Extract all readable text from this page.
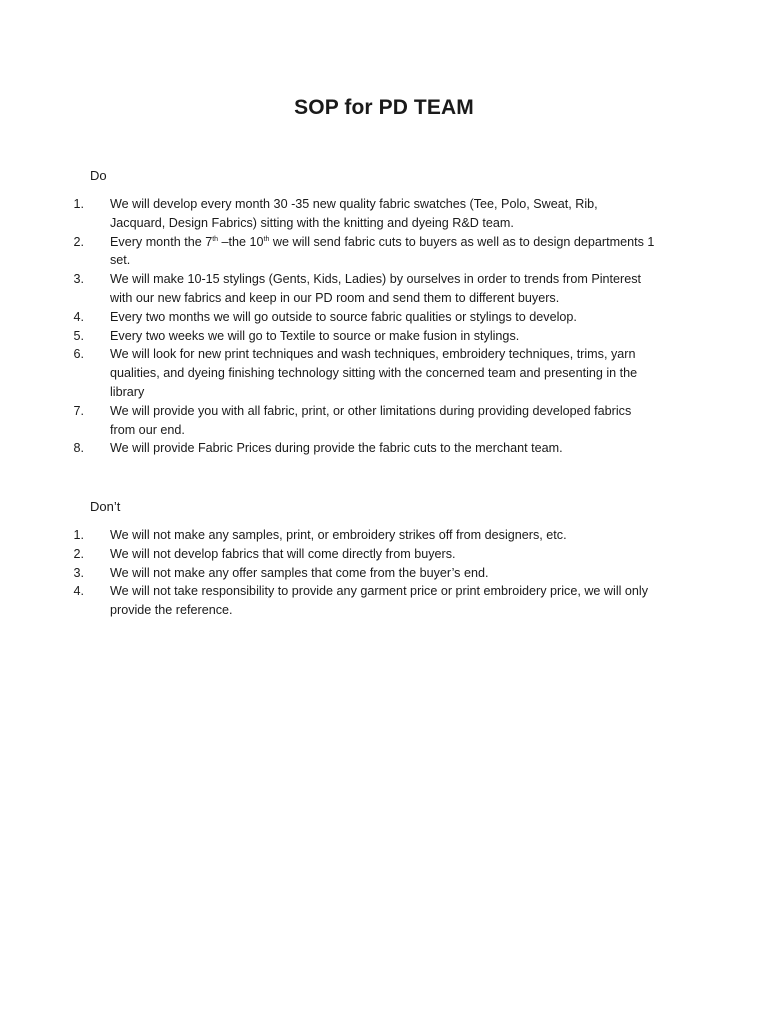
SOP for PD TEAM
Do
1.	We will develop every month 30 -35 new quality fabric swatches (Tee, Polo, Sweat, Rib, Jacquard, Design Fabrics) sitting with the knitting and dyeing R&D team.
2.	Every month the 7th –the 10th we will send fabric cuts to buyers as well as to design departments 1 set.
3.	We will make 10-15 stylings (Gents, Kids, Ladies) by ourselves in order to trends from Pinterest with our new fabrics and keep in our PD room and send them to different buyers.
4.	Every two months we will go outside to source fabric qualities or stylings to develop.
5.	Every two weeks we will go to Textile to source or make fusion in stylings.
6.	We will look for new print techniques and wash techniques, embroidery techniques, trims, yarn qualities, and dyeing finishing technology sitting with the concerned team and presenting in the library
7.	We will provide you with all fabric, print, or other limitations during providing developed fabrics from our end.
8.	We will provide Fabric Prices during provide the fabric cuts to the merchant team.
Don’t
1.	We will not make any samples, print, or embroidery strikes off from designers, etc.
2.	We will not develop fabrics that will come directly from buyers.
3.	We will not make any offer samples that come from the buyer’s end.
4.	We will not take responsibility to provide any garment price or print embroidery price, we will only provide the reference.
